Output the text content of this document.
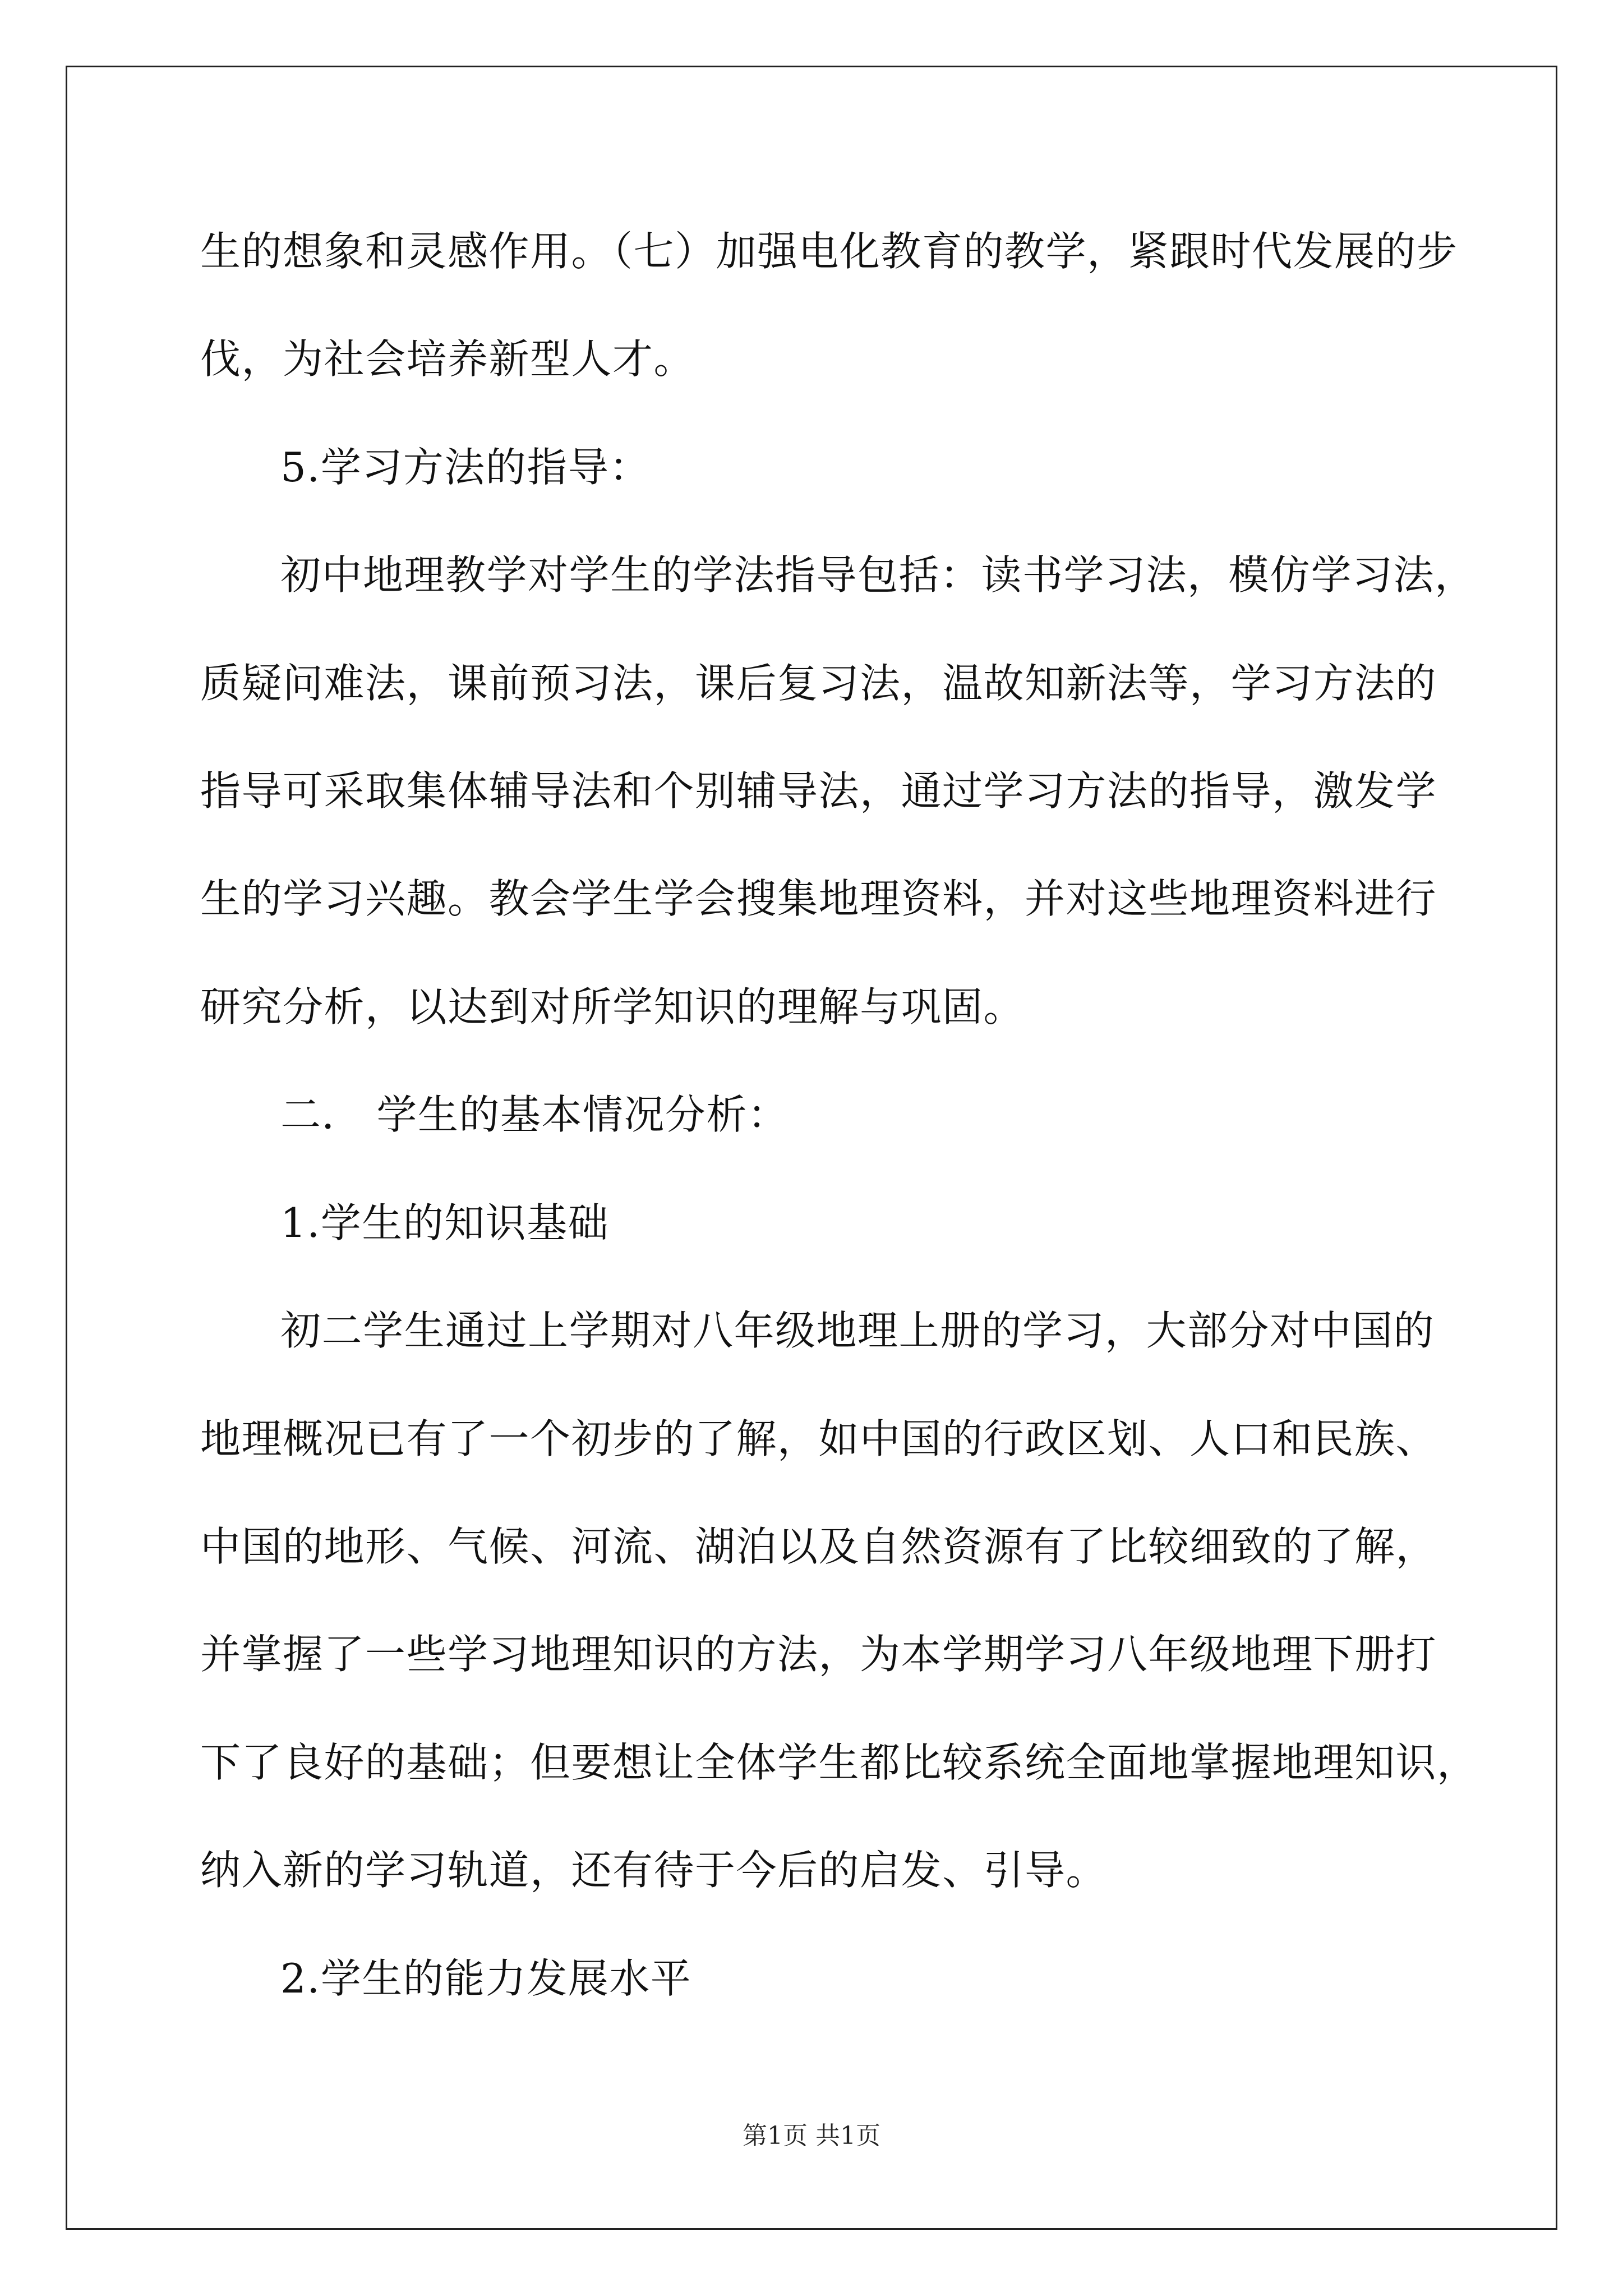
生的想象和灵感作用。（七）加强电化教育的教学，紧跟时代发展的步
伐，为社会培养新型人才。
5.学习方法的指导：
初中地理教学对学生的学法指导包括：读书学习法，模仿学习法，
质疑问难法，课前预习法，课后复习法，温故知新法等，学习方法的
指导可采取集体辅导法和个别辅导法，通过学习方法的指导，激发学
生的学习兴趣。教会学生学会搜集地理资料，并对这些地理资料进行
研究分析，以达到对所学知识的理解与巩固。
二． 学生的基本情况分析：
1.学生的知识基础
初二学生通过上学期对八年级地理上册的学习，大部分对中国的
地理概况已有了一个初步的了解，如中国的行政区划、人口和民族、
中国的地形、气候、河流、湖泊以及自然资源有了比较细致的了解，
并掌握了一些学习地理知识的方法，为本学期学习八年级地理下册打
下了良好的基础；但要想让全体学生都比较系统全面地掌握地理知识，
纳入新的学习轨道，还有待于今后的启发、引导。
2.学生的能力发展水平
第1页 共1页
